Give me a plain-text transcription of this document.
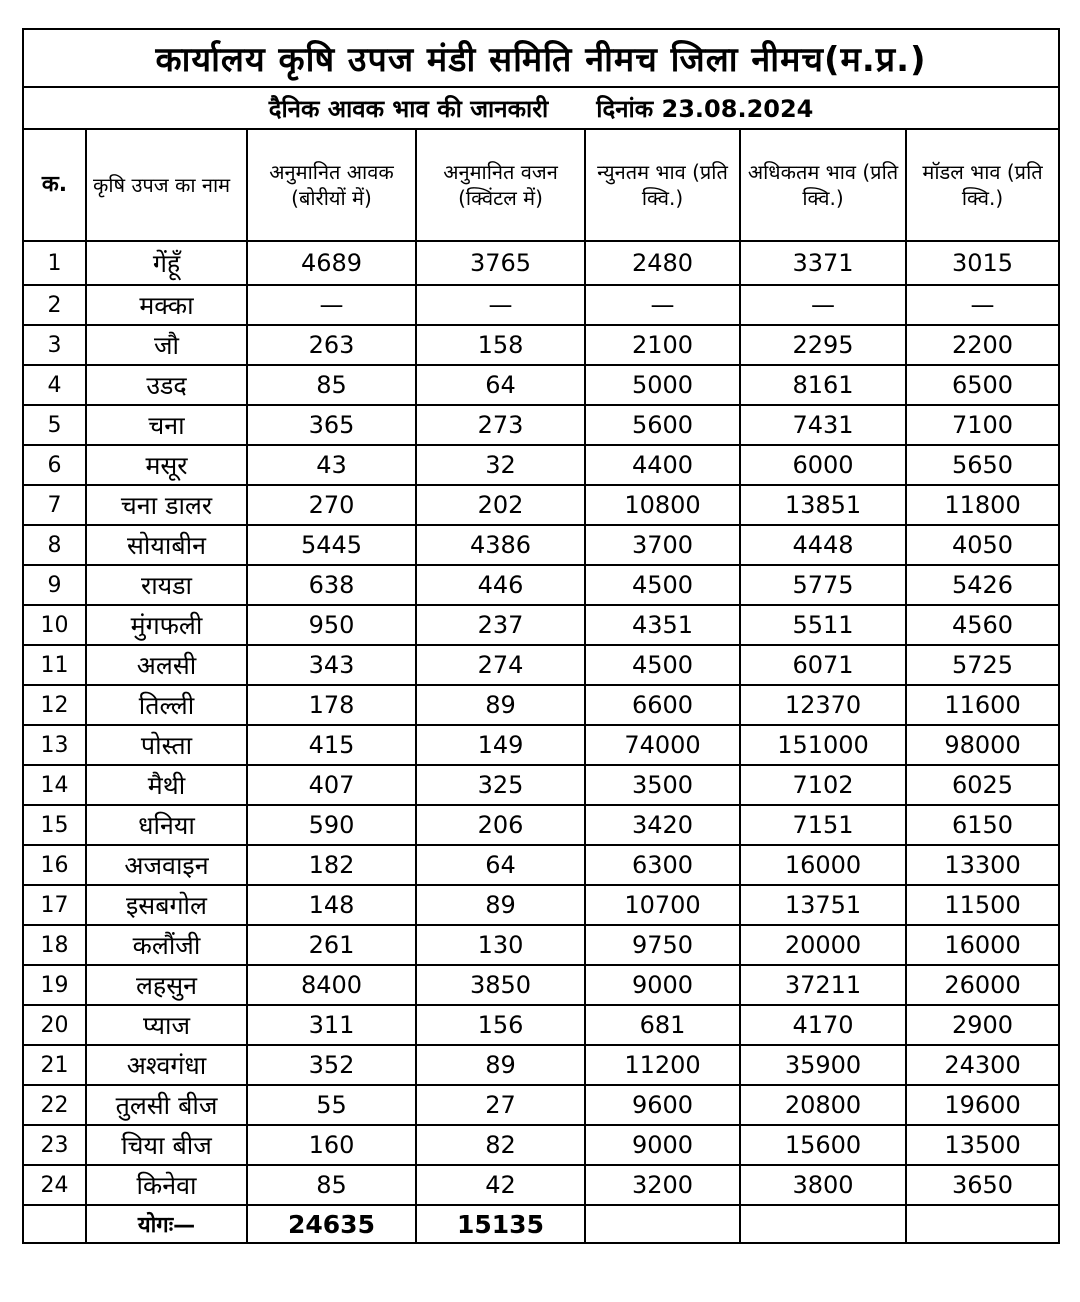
कार्यालय कृषि उपज मंडी समिति नीमच जिला नीमच(म.प्र.)						
दैनिक आवक भाव की जानकारी दिनांक 23.08.2024						
क.	कृषि उपज का नाम	अनुमानित आवक (बोरीयों में)	अनुमानित वजन (क्विंटल में)	न्युनतम भाव (प्रति क्वि.)	अधिकतम भाव (प्रति क्वि.)	मॉडल भाव (प्रति क्वि.)
1	गेंहूँ	4689	3765	2480	3371	3015
2	मक्का	—	—	—	—	—
3	जौ	263	158	2100	2295	2200
4	उडद	85	64	5000	8161	6500
5	चना	365	273	5600	7431	7100
6	मसूर	43	32	4400	6000	5650
7	चना डालर	270	202	10800	13851	11800
8	सोयाबीन	5445	4386	3700	4448	4050
9	रायडा	638	446	4500	5775	5426
10	मुंगफली	950	237	4351	5511	4560
11	अलसी	343	274	4500	6071	5725
12	तिल्ली	178	89	6600	12370	11600
13	पोस्ता	415	149	74000	151000	98000
14	मैथी	407	325	3500	7102	6025
15	धनिया	590	206	3420	7151	6150
16	अजवाइन	182	64	6300	16000	13300
17	इसबगोल	148	89	10700	13751	11500
18	कलौंजी	261	130	9750	20000	16000
19	लहसुन	8400	3850	9000	37211	26000
20	प्याज	311	156	681	4170	2900
21	अश्वगंधा	352	89	11200	35900	24300
22	तुलसी बीज	55	27	9600	20800	19600
23	चिया बीज	160	82	9000	15600	13500
24	किनेवा	85	42	3200	3800	3650
	योगः—	24635	15135			
